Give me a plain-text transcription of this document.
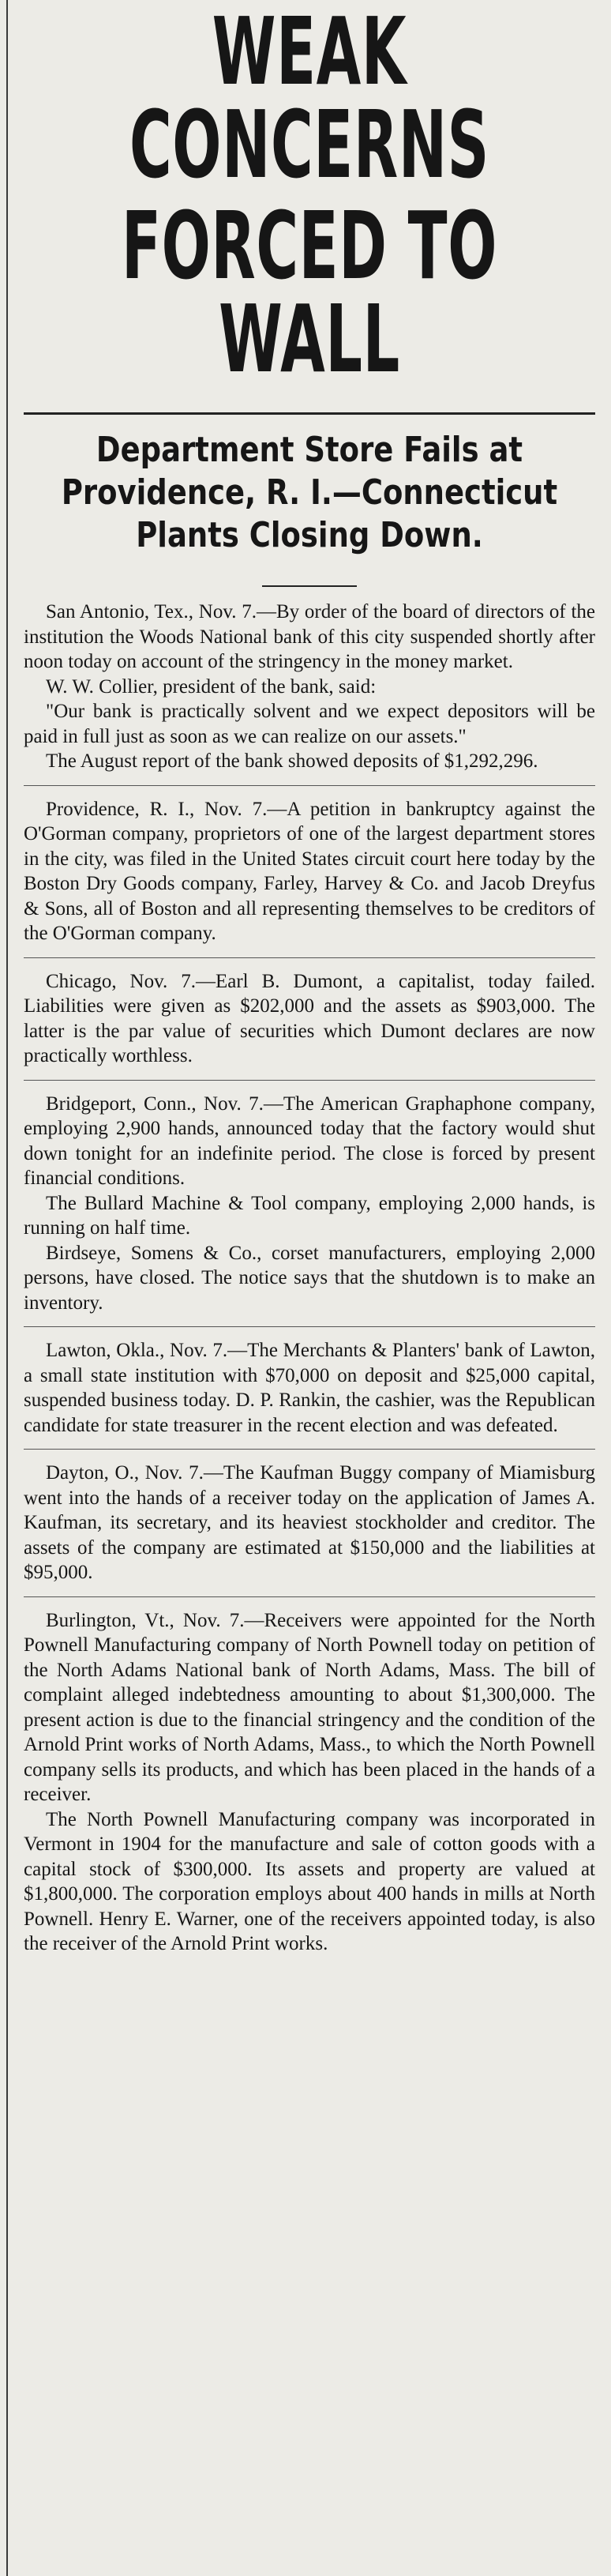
WEAK CONCERNS
FORCED TO WALL
Department Store Fails at Providence, R. I.—Connecticut Plants Closing Down.

San Antonio, Tex., Nov. 7.—By order of the board of directors of the institution the Woods National bank of this city suspended shortly after noon today on account of the stringency in the money market.

W. W. Collier, president of the bank, said:

"Our bank is practically solvent and we expect depositors will be paid in full just as soon as we can realize on our assets."

The August report of the bank showed deposits of $1,292,296.

Providence, R. I., Nov. 7.—A petition in bankruptcy against the O'Gorman company, proprietors of one of the largest department stores in the city, was filed in the United States circuit court here today by the Boston Dry Goods company, Farley, Harvey & Co. and Jacob Dreyfus & Sons, all of Boston and all representing themselves to be creditors of the O'Gorman company.

Chicago, Nov. 7.—Earl B. Dumont, a capitalist, today failed. Liabilities were given as $202,000 and the assets as $903,000. The latter is the par value of securities which Dumont declares are now practically worthless.

Bridgeport, Conn., Nov. 7.—The American Graphaphone company, employing 2,900 hands, announced today that the factory would shut down tonight for an indefinite period. The close is forced by present financial conditions.

The Bullard Machine & Tool company, employing 2,000 hands, is running on half time.

Birdseye, Somens & Co., corset manufacturers, employing 2,000 persons, have closed. The notice says that the shutdown is to make an inventory.

Lawton, Okla., Nov. 7.—The Merchants & Planters' bank of Lawton, a small state institution with $70,000 on deposit and $25,000 capital, suspended business today. D. P. Rankin, the cashier, was the Republican candidate for state treasurer in the recent election and was defeated.

Dayton, O., Nov. 7.—The Kaufman Buggy company of Miamisburg went into the hands of a receiver today on the application of James A. Kaufman, its secretary, and its heaviest stockholder and creditor. The assets of the company are estimated at $150,000 and the liabilities at $95,000.

Burlington, Vt., Nov. 7.—Receivers were appointed for the North Pownell Manufacturing company of North Pownell today on petition of the North Adams National bank of North Adams, Mass. The bill of complaint alleged indebtedness amounting to about $1,300,000. The present action is due to the financial stringency and the condition of the Arnold Print works of North Adams, Mass., to which the North Pownell company sells its products, and which has been placed in the hands of a receiver.

The North Pownell Manufacturing company was incorporated in Vermont in 1904 for the manufacture and sale of cotton goods with a capital stock of $300,000. Its assets and property are valued at $1,800,000. The corporation employs about 400 hands in mills at North Pownell. Henry E. Warner, one of the receivers appointed today, is also the receiver of the Arnold Print works.
